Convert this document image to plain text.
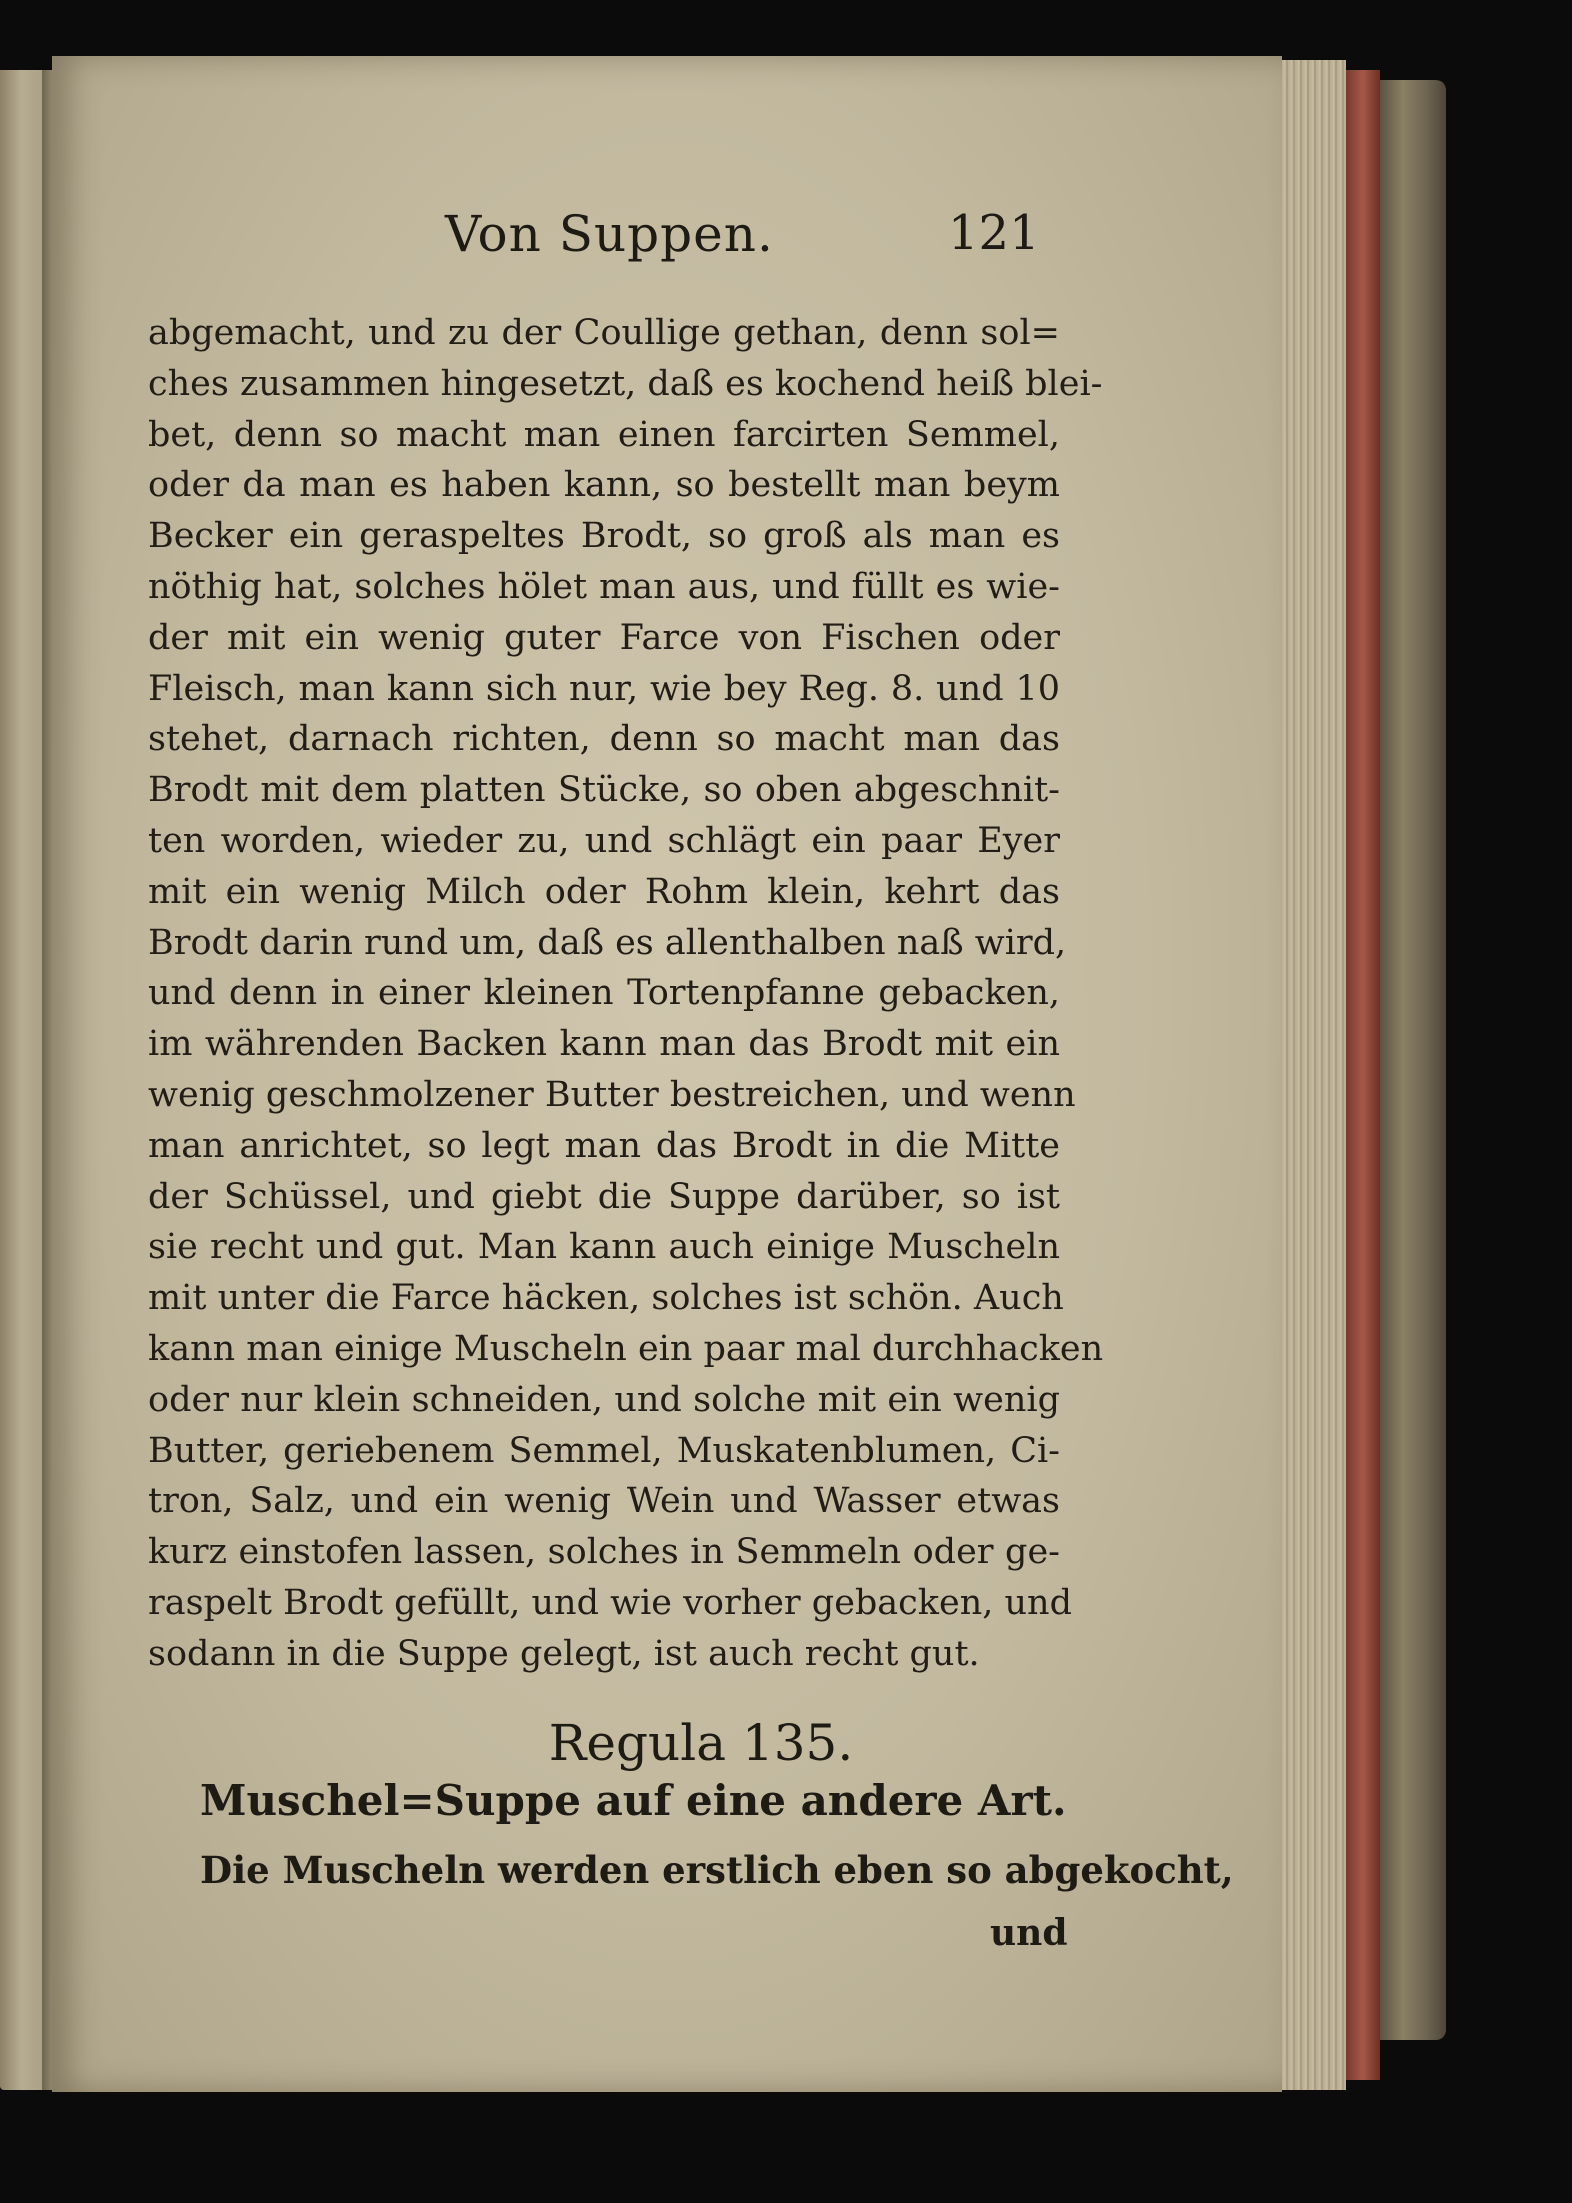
Von Suppen.	121
abgemacht, und zu der Coullige gethan, denn sol=
ches zusammen hingesetzt, daß es kochend heiß blei-
bet, denn so macht man einen farcirten Semmel,
oder da man es haben kann, so bestellt man beym
Becker ein geraspeltes Brodt, so groß als man es
nöthig hat, solches hölet man aus, und füllt es wie-
der mit ein wenig guter Farce von Fischen oder
Fleisch, man kann sich nur, wie bey Reg. 8. und 10
stehet, darnach richten, denn so macht man das
Brodt mit dem platten Stücke, so oben abgeschnit-
ten worden, wieder zu, und schlägt ein paar Eyer
mit ein wenig Milch oder Rohm klein, kehrt das
Brodt darin rund um, daß es allenthalben naß wird,
und denn in einer kleinen Tortenpfanne gebacken,
im währenden Backen kann man das Brodt mit ein
wenig geschmolzener Butter bestreichen, und wenn
man anrichtet, so legt man das Brodt in die Mitte
der Schüssel, und giebt die Suppe darüber, so ist
sie recht und gut. Man kann auch einige Muscheln
mit unter die Farce häcken, solches ist schön. Auch
kann man einige Muscheln ein paar mal durchhacken
oder nur klein schneiden, und solche mit ein wenig
Butter, geriebenem Semmel, Muskatenblumen, Ci-
tron, Salz, und ein wenig Wein und Wasser etwas
kurz einstofen lassen, solches in Semmeln oder ge-
raspelt Brodt gefüllt, und wie vorher gebacken, und
sodann in die Suppe gelegt, ist auch recht gut.
Regula 135.
Muschel=Suppe auf eine andere Art.
Die Muscheln werden erstlich eben so abgekocht,
und
